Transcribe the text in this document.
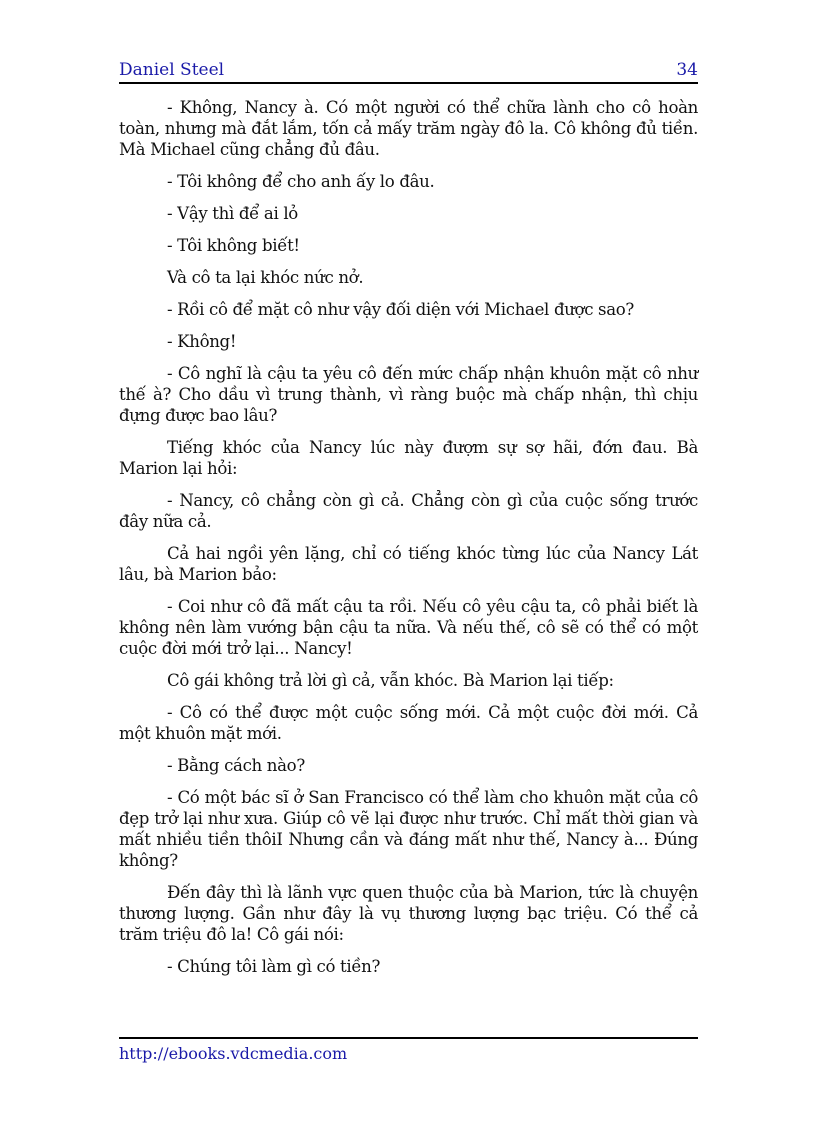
Daniel Steel	34

- Không, Nancy à. Có một người có thể chữa lành cho cô hoàn toàn, nhưng mà đắt lắm, tốn cả mấy trăm ngày đô la. Cô không đủ tiền. Mà Michael cũng chẳng đủ đâu.

- Tôi không để cho anh ấy lo đâu.

- Vậy thì để ai lỏ

- Tôi không biết!

Và cô ta lại khóc nức nở.

- Rồi cô để mặt cô như vậy đối diện với Michael được sao?

- Không!

- Cô nghĩ là cậu ta yêu cô đến mức chấp nhận khuôn mặt cô như thế à? Cho dầu vì trung thành, vì ràng buộc mà chấp nhận, thì chịu đựng được bao lâu?

Tiếng khóc của Nancy lúc này đượm sự sợ hãi, đớn đau. Bà Marion lại hỏi:

- Nancy, cô chẳng còn gì cả. Chẳng còn gì của cuộc sống trước đây nữa cả.

Cả hai ngồi yên lặng, chỉ có tiếng khóc từng lúc của Nancy Lát lâu, bà Marion bảo:

- Coi như cô đã mất cậu ta rồi. Nếu cô yêu cậu ta, cô phải biết là không nên làm vướng bận cậu ta nữa. Và nếu thế, cô sẽ có thể có một cuộc đời mới trở lại... Nancy!

Cô gái không trả lời gì cả, vẫn khóc. Bà Marion lại tiếp:

- Cô có thể được một cuộc sống mới. Cả một cuộc đời mới. Cả một khuôn mặt mới.

- Bằng cách nào?

- Có một bác sĩ ở San Francisco có thể làm cho khuôn mặt của cô đẹp trở lại như xưa. Giúp cô vẽ lại được như trước. Chỉ mất thời gian và mất nhiều tiền thôiI Nhưng cần và đáng mất như thế, Nancy à... Đúng không?

Đến đây thì là lãnh vực quen thuộc của bà Marion, tức là chuyện thương lượng. Gần như đây là vụ thương lượng bạc triệu. Có thể cả trăm triệu đô la! Cô gái nói:

- Chúng tôi làm gì có tiền?

http://ebooks.vdcmedia.com
